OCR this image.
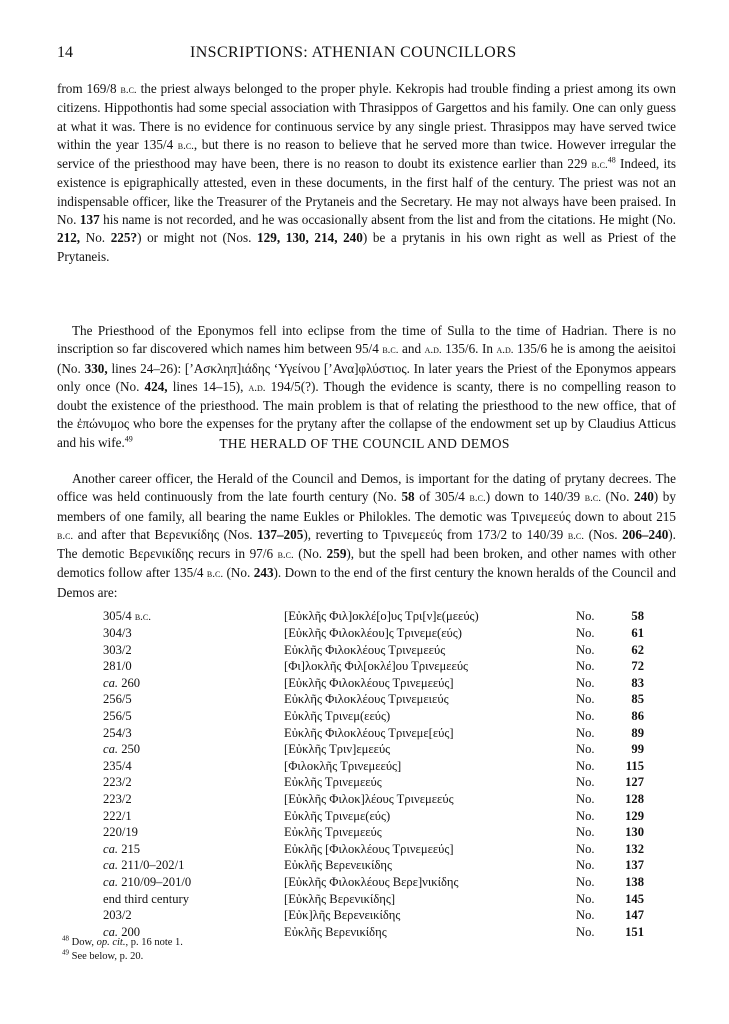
14	INSCRIPTIONS: ATHENIAN COUNCILLORS

from 169/8 b.c. the priest always belonged to the proper phyle. Kekropis had trouble finding a priest among its own citizens. Hippothontis had some special association with Thrasippos of Gargettos and his family. One can only guess at what it was. There is no evidence for continuous service by any single priest. Thrasippos may have served twice within the year 135/4 b.c., but there is no reason to believe that he served more than twice. However irregular the service of the priesthood may have been, there is no reason to doubt its existence earlier than 229 b.c.$^{48}$ Indeed, its existence is epigraphically attested, even in these documents, in the first half of the century. The priest was not an indispensable officer, like the Treasurer of the Prytaneis and the Secretary. He may not always have been praised. In No. 137 his name is not recorded, and he was occasionally absent from the list and from the citations. He might (No. 212, No. 225?) or might not (Nos. 129, 130, 214, 240) be a prytanis in his own right as well as Priest of the Prytaneis.

The Priesthood of the Eponymos fell into eclipse from the time of Sulla to the time of Hadrian. There is no inscription so far discovered which names him between 95/4 b.c. and a.d. 135/6. In a.d. 135/6 he is among the aeisitoi (No. 330, lines 24–26): [’Ασκληπ]ιάδης ‘Υγείνου [’Ανα]φλύστιος. In later years the Priest of the Eponymos appears only once (No. 424, lines 14–15), a.d. 194/5(?). Though the evidence is scanty, there is no compelling reason to doubt the existence of the priesthood. The main problem is that of relating the priesthood to the new office, that of the ἐπώνυμος who bore the expenses for the prytany after the collapse of the endowment set up by Claudius Atticus and his wife.$^{49}$	THE HERALD OF THE COUNCIL AND DEMOS

Another career officer, the Herald of the Council and Demos, is important for the dating of prytany decrees. The office was held continuously from the late fourth century (No. 58 of 305/4 b.c.) down to 140/39 b.c. (No. 240) by members of one family, all bearing the name Eukles or Philokles. The demotic was Τρινεμεεύς down to about 215 b.c. and after that Βερενικίδης (Nos. 137–205), reverting to Τρινεμεεύς from 173/2 to 140/39 b.c. (Nos. 206–240). The demotic Βερενικίδης recurs in 97/6 b.c. (No. 259), but the spell had been broken, and other names with other demotics follow after 135/4 b.c. (No. 243). Down to the end of the first century the known heralds of the Council and Demos are:

305/4 b.c.	[Εὐκλῆς Φιλ]οκλέ[ο]υς Τρι[ν]ε(μεεύς)	No.	58
304/3	[Εὐκλῆς Φιλοκλέου]ς Τρινεμε(εύς)	No.	61
303/2	Εὐκλῆς Φιλοκλέους Τρινεμεεύς	No.	62
281/0	[Φι]λοκλῆς Φιλ[οκλέ]ου Τρινεμεεύς	No.	72
ca. 260	[Εὐκλῆς Φιλοκλέους Τρινεμεεύς]	No.	83
256/5	Εὐκλῆς Φιλοκλέους Τρινεμειεύς	No.	85
256/5	Εὐκλῆς Τρινεμ(εεύς)	No.	86
254/3	Εὐκλῆς Φιλοκλέους Τρινεμε[εύς]	No.	89
ca. 250	[Εὐκλῆς Τριν]εμεεύς	No.	99
235/4	[Φιλοκλῆς Τρινεμεεύς]	No.	115
223/2	Εὐκλῆς Τρινεμεεύς	No.	127
223/2	[Εὐκλῆς Φιλοκ]λέους Τρινεμεεύς	No.	128
222/1	Εὐκλῆς Τρινεμε(εύς)	No.	129
220/19	Εὐκλῆς Τρινεμεεύς	No.	130
ca. 215	Εὐκλῆς [Φιλοκλέους Τρινεμεεύς]	No.	132
ca. 211/0–202/1	Εὐκλῆς Βερενεικίδης	No.	137
ca. 210/09–201/0	[Εὐκλῆς Φιλοκλέους Βερε]νικίδης	No.	138
end third century	[Εὐκλῆς Βερενικίδης]	No.	145
203/2	[Εὐκ]λῆς Βερενεικίδης	No.	147
ca. 200	Εὐκλῆς Βερενικίδης	No.	151
$^{48}$ Dow, op. cit., p. 16 note 1.
$^{49}$ See below, p. 20.
